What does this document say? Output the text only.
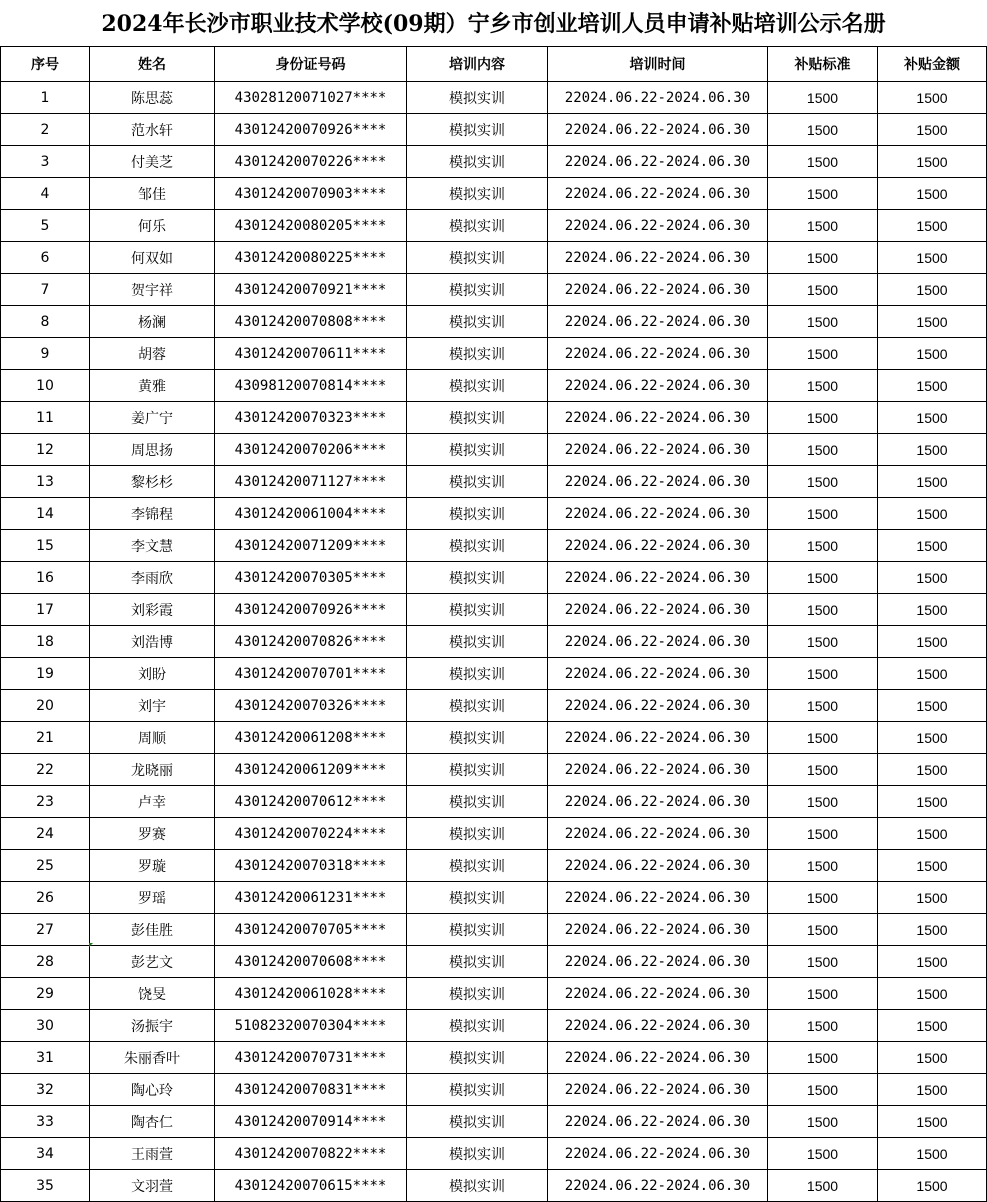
2024年长沙市职业技术学校(09期）宁乡市创业培训人员申请补贴培训公示名册
序号	姓名	身份证号码	培训内容	培训时间	补贴标准	补贴金额
1	陈思蕊	43028120071027****	模拟实训	22024.06.22-2024.06.30	1500	1500
2	范水轩	43012420070926****	模拟实训	22024.06.22-2024.06.30	1500	1500
3	付美芝	43012420070226****	模拟实训	22024.06.22-2024.06.30	1500	1500
4	邹佳	43012420070903****	模拟实训	22024.06.22-2024.06.30	1500	1500
5	何乐	43012420080205****	模拟实训	22024.06.22-2024.06.30	1500	1500
6	何双如	43012420080225****	模拟实训	22024.06.22-2024.06.30	1500	1500
7	贺宇祥	43012420070921****	模拟实训	22024.06.22-2024.06.30	1500	1500
8	杨澜	43012420070808****	模拟实训	22024.06.22-2024.06.30	1500	1500
9	胡蓉	43012420070611****	模拟实训	22024.06.22-2024.06.30	1500	1500
10	黄雅	43098120070814****	模拟实训	22024.06.22-2024.06.30	1500	1500
11	姜广宁	43012420070323****	模拟实训	22024.06.22-2024.06.30	1500	1500
12	周思扬	43012420070206****	模拟实训	22024.06.22-2024.06.30	1500	1500
13	黎杉杉	43012420071127****	模拟实训	22024.06.22-2024.06.30	1500	1500
14	李锦程	43012420061004****	模拟实训	22024.06.22-2024.06.30	1500	1500
15	李文慧	43012420071209****	模拟实训	22024.06.22-2024.06.30	1500	1500
16	李雨欣	43012420070305****	模拟实训	22024.06.22-2024.06.30	1500	1500
17	刘彩霞	43012420070926****	模拟实训	22024.06.22-2024.06.30	1500	1500
18	刘浩博	43012420070826****	模拟实训	22024.06.22-2024.06.30	1500	1500
19	刘盼	43012420070701****	模拟实训	22024.06.22-2024.06.30	1500	1500
20	刘宇	43012420070326****	模拟实训	22024.06.22-2024.06.30	1500	1500
21	周顺	43012420061208****	模拟实训	22024.06.22-2024.06.30	1500	1500
22	龙晓丽	43012420061209****	模拟实训	22024.06.22-2024.06.30	1500	1500
23	卢幸	43012420070612****	模拟实训	22024.06.22-2024.06.30	1500	1500
24	罗赛	43012420070224****	模拟实训	22024.06.22-2024.06.30	1500	1500
25	罗璇	43012420070318****	模拟实训	22024.06.22-2024.06.30	1500	1500
26	罗瑶	43012420061231****	模拟实训	22024.06.22-2024.06.30	1500	1500
27	彭佳胜	43012420070705****	模拟实训	22024.06.22-2024.06.30	1500	1500
28	彭艺文	43012420070608****	模拟实训	22024.06.22-2024.06.30	1500	1500
29	饶旻	43012420061028****	模拟实训	22024.06.22-2024.06.30	1500	1500
30	汤振宇	51082320070304****	模拟实训	22024.06.22-2024.06.30	1500	1500
31	朱丽香叶	43012420070731****	模拟实训	22024.06.22-2024.06.30	1500	1500
32	陶心玲	43012420070831****	模拟实训	22024.06.22-2024.06.30	1500	1500
33	陶杏仁	43012420070914****	模拟实训	22024.06.22-2024.06.30	1500	1500
34	王雨萱	43012420070822****	模拟实训	22024.06.22-2024.06.30	1500	1500
35	文羽萱	43012420070615****	模拟实训	22024.06.22-2024.06.30	1500	1500
